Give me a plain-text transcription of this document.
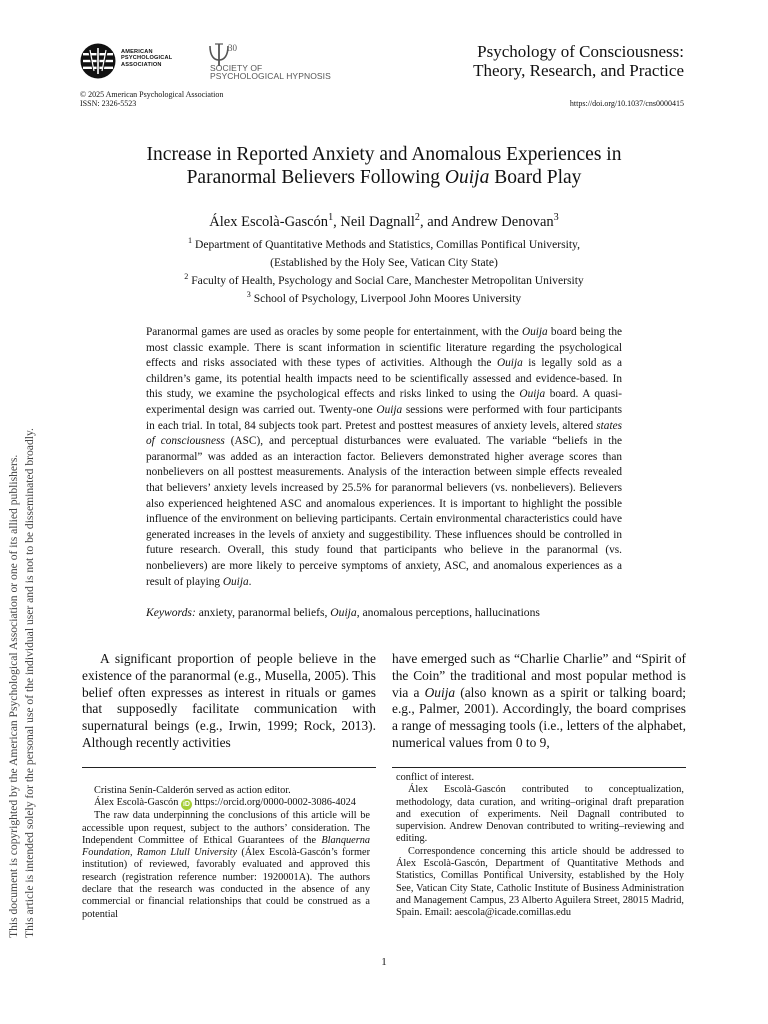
AMERICAN
PSYCHOLOGICAL
ASSOCIATION
30
SOCIETY OF
PSYCHOLOGICAL HYPNOSIS
Psychology of Consciousness:
Theory, Research, and Practice
© 2025 American Psychological Association
ISSN: 2326-5523	https://doi.org/10.1037/cns0000415
This document is copyrighted by the American Psychological Association or one of its allied publishers. This article is intended solely for the personal use of the individual user and is not to be disseminated broadly.
Increase in Reported Anxiety and Anomalous Experiences in
Paranormal Believers Following Ouija Board Play
Álex Escolà-Gascón$^1$, Neil Dagnall$^2$, and Andrew Denovan$^3$
$^1$ Department of Quantitative Methods and Statistics, Comillas Pontifical University,
(Established by the Holy See, Vatican City State)
$^2$ Faculty of Health, Psychology and Social Care, Manchester Metropolitan University
$^3$ School of Psychology, Liverpool John Moores University
Paranormal games are used as oracles by some people for entertainment, with the Ouija board being the most classic example. There is scant information in scientific literature regarding the psychological effects and risks associated with these types of activities. Although the Ouija is legally sold as a children’s game, its potential health impacts need to be scientifically assessed and evidence-based. In this study, we examine the psychological effects and risks linked to using the Ouija board. A quasi-experimental design was carried out. Twenty-one Ouija sessions were performed with four participants in each trial. In total, 84 subjects took part. Pretest and posttest measures of anxiety levels, altered states of consciousness (ASC), and perceptual disturbances were evaluated. The variable “beliefs in the paranormal” was added as an interaction factor. Believers demonstrated higher average scores than nonbelievers on all posttest measurements. Analysis of the interaction between simple effects revealed that believers’ anxiety levels increased by 25.5% for paranormal believers (vs. nonbelievers). Believers also experienced heightened ASC and anomalous experiences. It is important to highlight the possible influence of the environment on believing participants. Certain environmental characteristics could have generated increases in the levels of anxiety and suggestibility. These influences should be controlled in future research. Overall, this study found that participants who believe in the paranormal (vs. nonbelievers) are more likely to perceive symptoms of anxiety, ASC, and anomalous experiences as a result of playing Ouija.
Keywords: anxiety, paranormal beliefs, Ouija, anomalous perceptions, hallucinations
A significant proportion of people believe in the existence of the paranormal (e.g., Musella, 2005). This belief often expresses as interest in rituals or games that supposedly facilitate communication with supernatural beings (e.g., Irwin, 1999; Rock, 2013). Although recently activities
have emerged such as “Charlie Charlie” and “Spirit of the Coin” the traditional and most popular method is via a Ouija (also known as a spirit or talking board; e.g., Palmer, 2001). Accordingly, the board comprises a range of messaging tools (i.e., letters of the alphabet, numerical values from 0 to 9,

Cristina Senín-Calderón served as action editor.

Álex Escolà-Gascón iD https://orcid.org/0000-0002-3086-4024

The raw data underpinning the conclusions of this article will be accessible upon request, subject to the authors’ consideration. The Independent Committee of Ethical Guarantees of the Blanquerna Foundation, Ramon Llull University (Álex Escolà-Gascón’s former institution) of reviewed, favorably evaluated and approved this research (registration reference number: 1920001A). The authors declare that the research was conducted in the absence of any commercial or financial relationships that could be construed as a potential

conflict of interest.

Álex Escolà-Gascón contributed to conceptualization, methodology, data curation, and writing–original draft preparation and execution of experiments. Neil Dagnall contributed to supervision. Andrew Denovan contributed to writing–reviewing and editing.

Correspondence concerning this article should be addressed to Álex Escolà-Gascón, Department of Quantitative Methods and Statistics, Comillas Pontifical University, established by the Holy See, Vatican City State, Catholic Institute of Business Administration and Management Campus, 23 Alberto Aguilera Street, 28015 Madrid, Spain. Email: aescola@icade.comillas.edu

1
